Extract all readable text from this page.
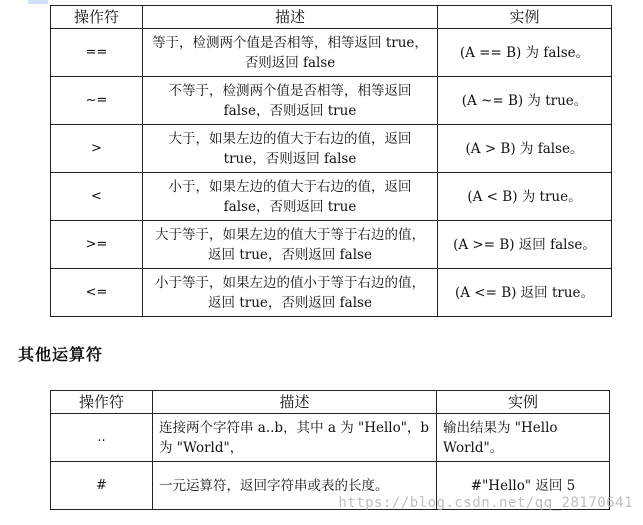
操作符	描述	实例
==	等于，检测两个值是否相等，相等返回 true，否则返回 false	(A == B) 为 false。
~=	不等于，检测两个值是否相等，相等返回 false，否则返回 true	(A ~= B) 为 true。
>	大于，如果左边的值大于右边的值，返回 true，否则返回 false	(A > B) 为 false。
<	小于，如果左边的值大于右边的值，返回 false，否则返回 true	(A < B) 为 true。
>=	大于等于，如果左边的值大于等于右边的值，返回 true，否则返回 false	(A >= B) 返回 false。
<=	小于等于，如果左边的值小于等于右边的值，返回 true，否则返回 false	(A <= B) 返回 true。
其他运算符
操作符	描述	实例
..	连接两个字符串 a..b，其中 a 为 "Hello"，b 为 "World"，	输出结果为 "Hello World"。
#	一元运算符，返回字符串或表的长度。	#"Hello" 返回 5
https://blog.csdn.net/qq_28170641
